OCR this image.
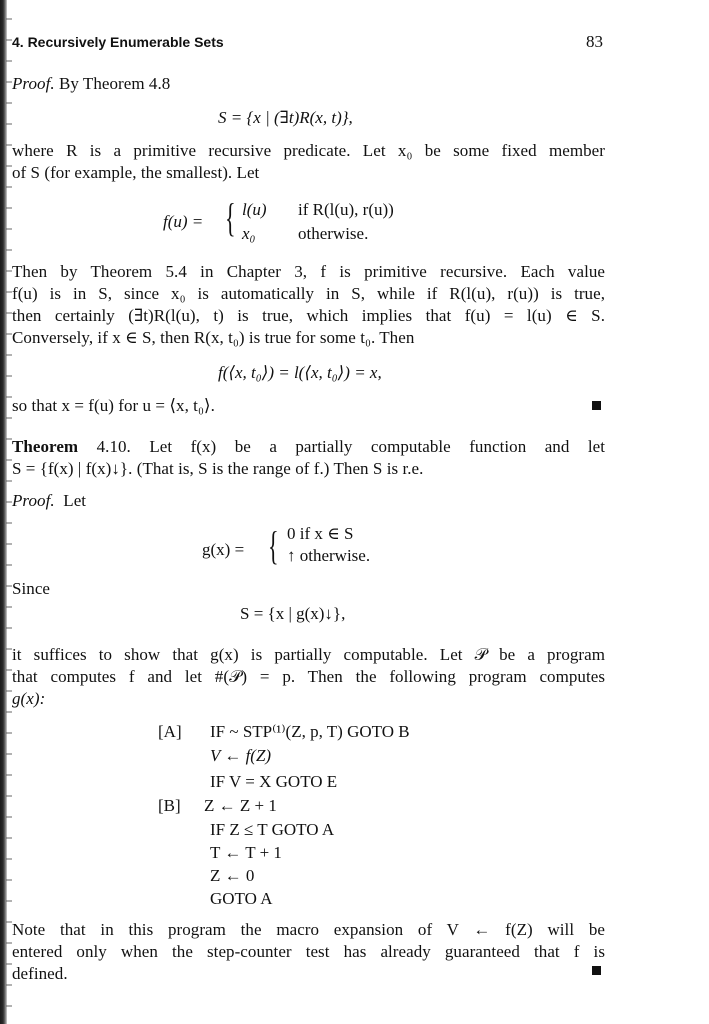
4. Recursively Enumerable Sets	83
Proof. By Theorem 4.8
S = {x | (∃t)R(x, t)},
where R is a primitive recursive predicate. Let x₀ be some fixed member
of S (for example, the smallest). Let
f(u) = { l(u) if R(l(u), r(u))
x₀	otherwise.
Then by Theorem 5.4 in Chapter 3, f is primitive recursive. Each value
f(u) is in S, since x₀ is automatically in S, while if R(l(u), r(u)) is true,
then certainly (∃t)R(l(u), t) is true, which implies that f(u) = l(u) ∈ S.
Conversely, if x ∈ S, then R(x, t₀) is true for some t₀. Then
f(⟨x, t₀⟩) = l(⟨x, t₀⟩) = x,
so that x = f(u) for u = ⟨x, t₀⟩.
Theorem 4.10. Let f(x) be a partially computable function and let
S = {f(x) | f(x)↓}. (That is, S is the range of f.) Then S is r.e.
Proof. Let
g(x) = { 0 if x ∈ S
↑ otherwise.
Since
S = {x | g(x)↓},
it suffices to show that g(x) is partially computable. Let 𝒫 be a program
that computes f and let #(𝒫) = p. Then the following program computes
g(x):
[A] IF ~ STP⁽¹⁾(Z, p, T) GOTO B
V ← f(Z)
IF V = X GOTO E
[B] Z ← Z + 1
IF Z ≤ T GOTO A
T ← T + 1
Z ← 0
GOTO A
Note that in this program the macro expansion of V ← f(Z) will be
entered only when the step-counter test has already guaranteed that f is
defined.
